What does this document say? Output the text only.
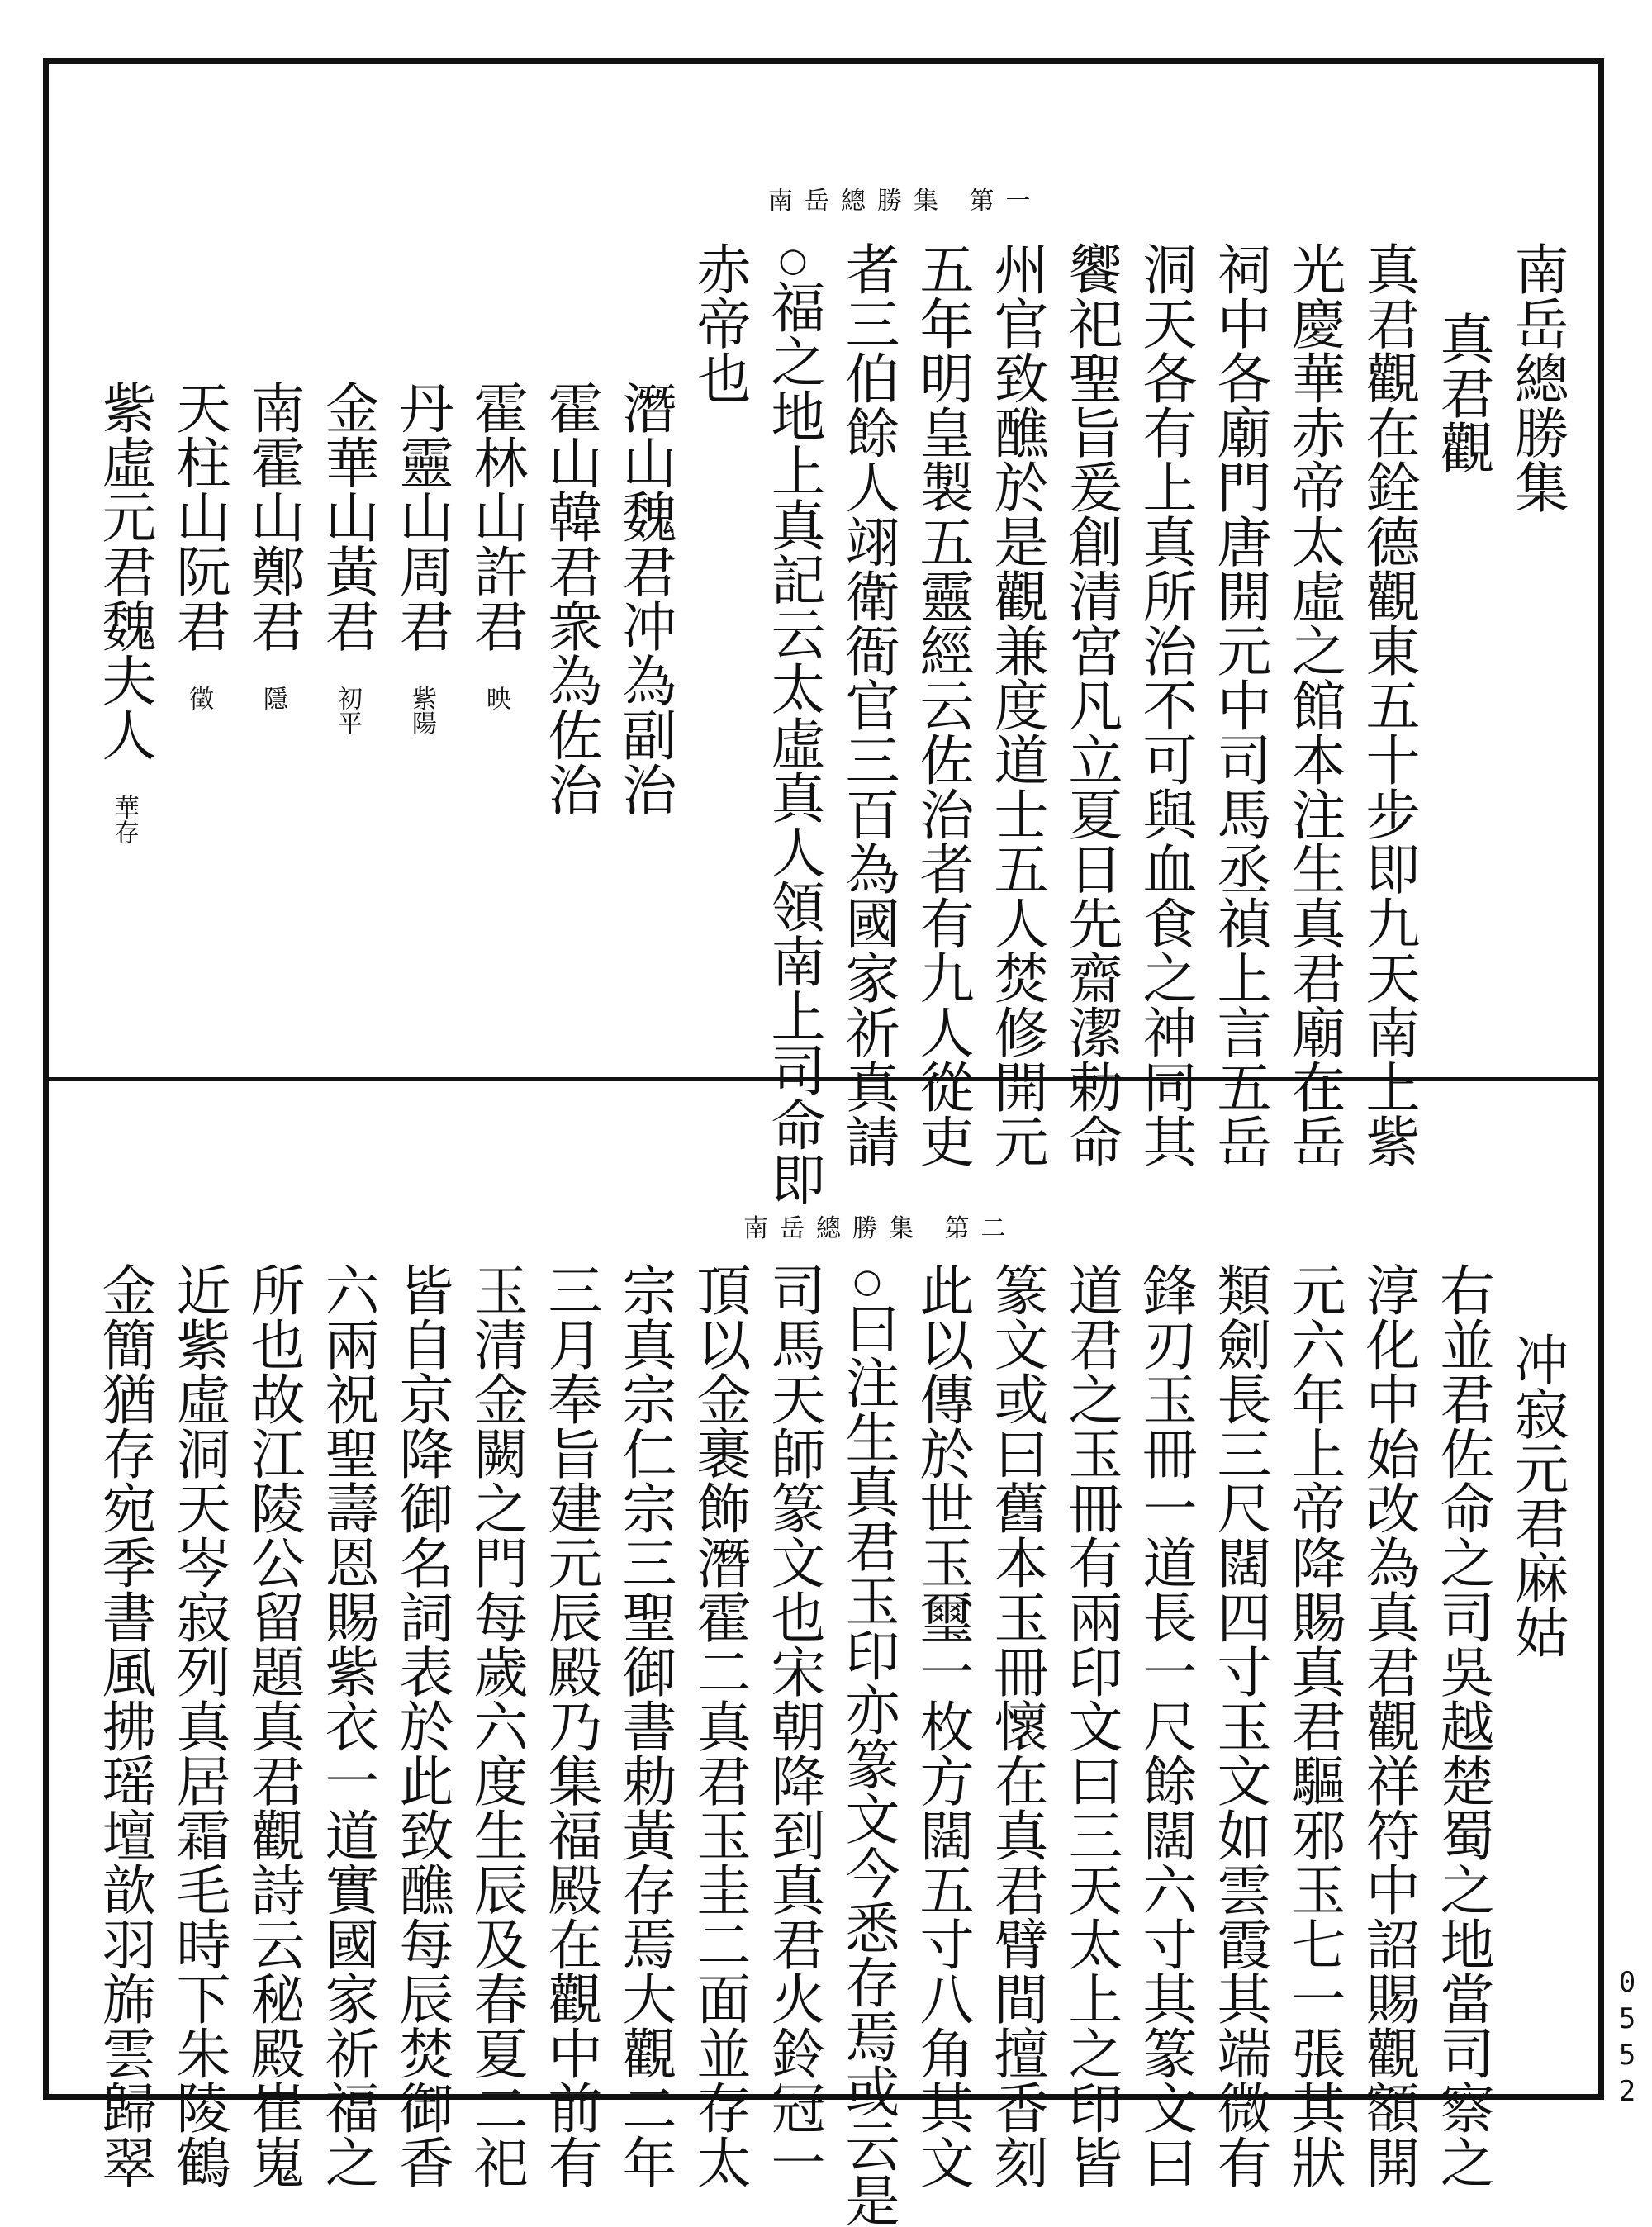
0552
南岳總勝集 第一
南岳總勝集
真君觀
真君觀在銓德觀東五十步即九天南上紫
光慶華赤帝太虛之館本注生真君廟在岳
祠中各廟門唐開元中司馬丞禎上言五岳
洞天各有上真所治不可與血食之神同其
饗祀聖旨爰創清宮凡立夏日先齋潔勅命
州官致醮於是觀兼度道士五人焚修開元
五年明皇製五靈經云佐治者有九人從吏
者三伯餘人翊衛衙官三百為國家祈真請
○福之地上真記云太虛真人領南上司命即
赤帝也
潛山魏君冲為副治
霍山韓君衆為佐治
霍林山許君$^映$
丹靈山周君$^{紫陽}$
金華山黃君$^{初平}$
南霍山鄭君$^隱$
天柱山阮君$^徵$
紫虛元君魏夫人$^{華存}$
南岳總勝集 第二
冲寂元君麻姑
右並君佐命之司吳越楚蜀之地當司察之
淳化中始改為真君觀祥符中詔賜觀額開
元六年上帝降賜真君驅邪玉七一張其狀
類劍長三尺闊四寸玉文如雲霞其端微有
鋒刃玉冊一道長一尺餘闊六寸其篆文曰
道君之玉冊有兩印文曰三天太上之印皆
篆文或曰舊本玉冊懷在真君臂間擅香刻
此以傳於世玉璽一枚方闊五寸八角其文
○曰注生真君玉印亦篆文今悉存焉或云是
司馬天師篆文也宋朝降到真君火鈴冠一
頂以金裹飾潛霍二真君玉圭二面並存太
宗真宗仁宗三聖御書勅黃存焉大觀二年
三月奉旨建元辰殿乃集福殿在觀中前有
玉清金闕之門每歲六度生辰及春夏二祀
皆自京降御名詞表於此致醮每辰焚御香
六兩祝聖壽恩賜紫衣一道實國家祈福之
所也故江陵公留題真君觀詩云秘殿崔嵬
近紫虛洞天岑寂列真居霜毛時下朱陵鶴
金簡猶存宛季書風拂瑶壇歆羽旆雲歸翠
